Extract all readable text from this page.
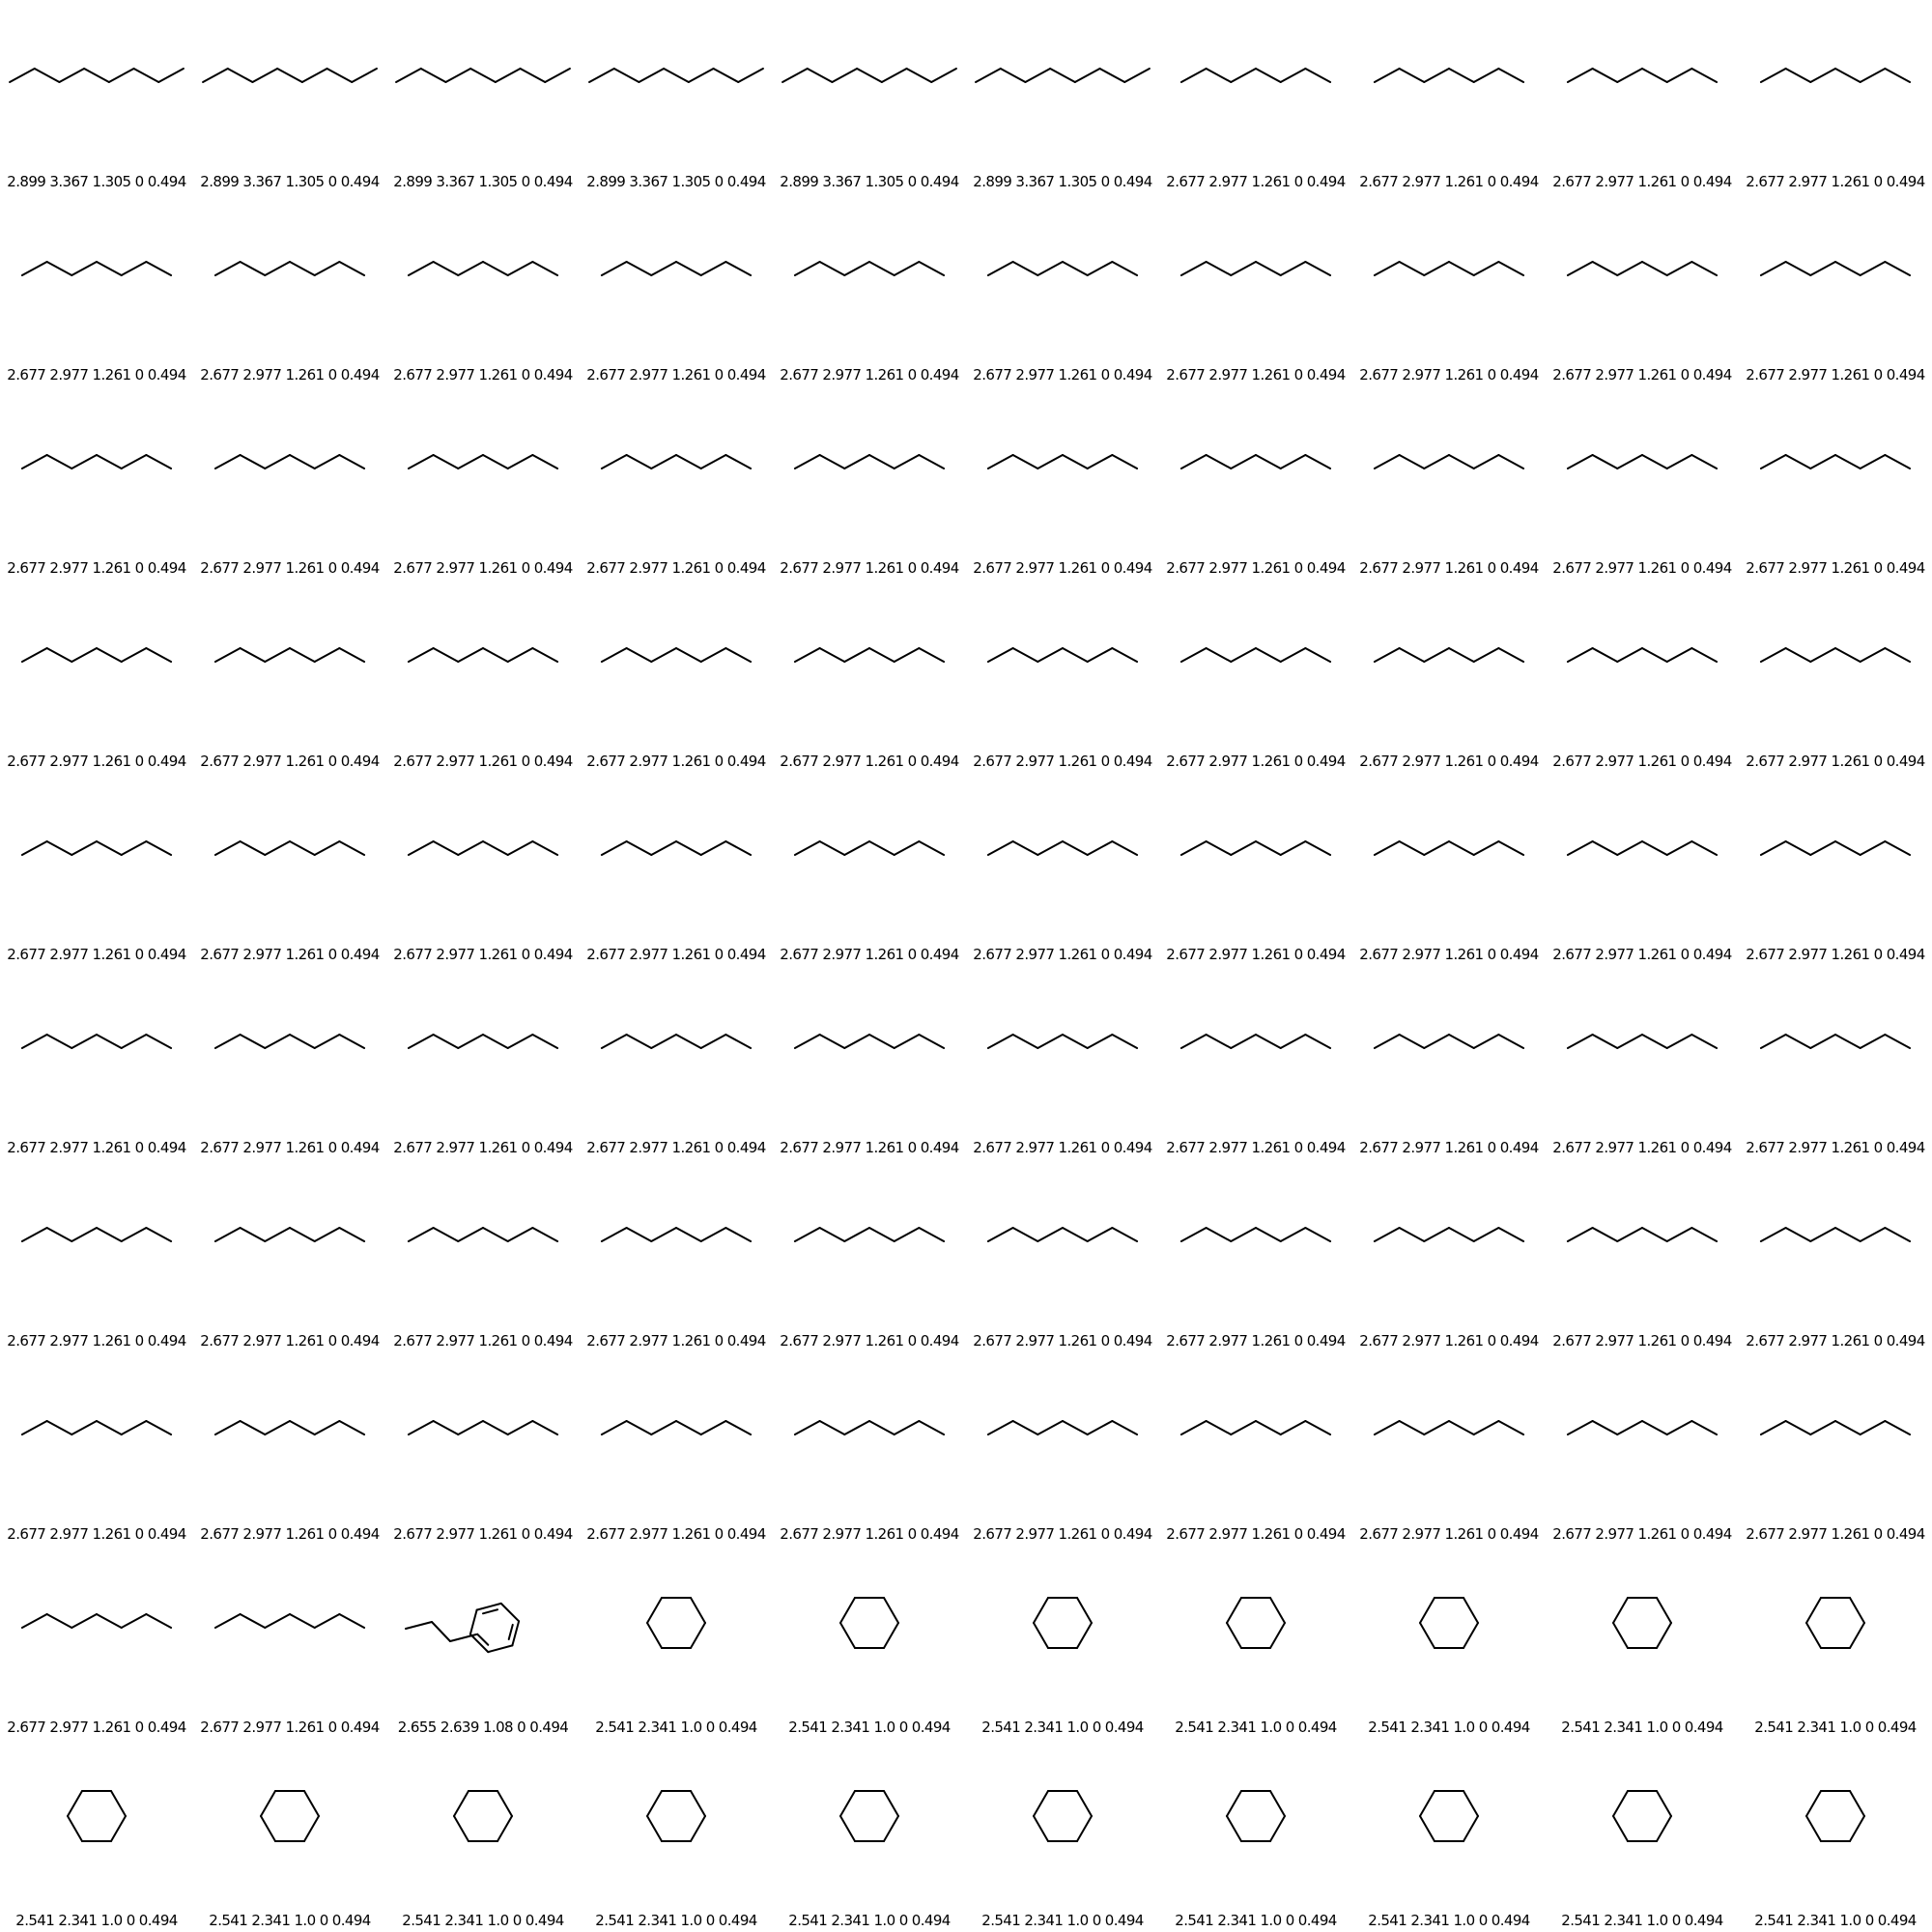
2.899 3.367 1.305 0 0.494 2.899 3.367 1.305 0 0.494 2.899 3.367 1.305 0 0.494 2.899 3.367 1.305 0 0.494 2.899 3.367 1.305 0 0.494 2.899 3.367 1.305 0 0.494 2.677 2.977 1.261 0 0.494 2.677 2.977 1.261 0 0.494 2.677 2.977 1.261 0 0.494 2.677 2.977 1.261 0 0.494
2.677 2.977 1.261 0 0.494 2.677 2.977 1.261 0 0.494 2.677 2.977 1.261 0 0.494 2.677 2.977 1.261 0 0.494 2.677 2.977 1.261 0 0.494 2.677 2.977 1.261 0 0.494 2.677 2.977 1.261 0 0.494 2.677 2.977 1.261 0 0.494 2.677 2.977 1.261 0 0.494 2.677 2.977 1.261 0 0.494
2.677 2.977 1.261 0 0.494 2.677 2.977 1.261 0 0.494 2.677 2.977 1.261 0 0.494 2.677 2.977 1.261 0 0.494 2.677 2.977 1.261 0 0.494 2.677 2.977 1.261 0 0.494 2.677 2.977 1.261 0 0.494 2.677 2.977 1.261 0 0.494 2.677 2.977 1.261 0 0.494 2.677 2.977 1.261 0 0.494
2.677 2.977 1.261 0 0.494 2.677 2.977 1.261 0 0.494 2.677 2.977 1.261 0 0.494 2.677 2.977 1.261 0 0.494 2.677 2.977 1.261 0 0.494 2.677 2.977 1.261 0 0.494 2.677 2.977 1.261 0 0.494 2.677 2.977 1.261 0 0.494 2.677 2.977 1.261 0 0.494 2.677 2.977 1.261 0 0.494
2.677 2.977 1.261 0 0.494 2.677 2.977 1.261 0 0.494 2.677 2.977 1.261 0 0.494 2.677 2.977 1.261 0 0.494 2.677 2.977 1.261 0 0.494 2.677 2.977 1.261 0 0.494 2.677 2.977 1.261 0 0.494 2.677 2.977 1.261 0 0.494 2.677 2.977 1.261 0 0.494 2.677 2.977 1.261 0 0.494
2.677 2.977 1.261 0 0.494 2.677 2.977 1.261 0 0.494 2.677 2.977 1.261 0 0.494 2.677 2.977 1.261 0 0.494 2.677 2.977 1.261 0 0.494 2.677 2.977 1.261 0 0.494 2.677 2.977 1.261 0 0.494 2.677 2.977 1.261 0 0.494 2.677 2.977 1.261 0 0.494 2.677 2.977 1.261 0 0.494
2.677 2.977 1.261 0 0.494 2.677 2.977 1.261 0 0.494 2.677 2.977 1.261 0 0.494 2.677 2.977 1.261 0 0.494 2.677 2.977 1.261 0 0.494 2.677 2.977 1.261 0 0.494 2.677 2.977 1.261 0 0.494 2.677 2.977 1.261 0 0.494 2.677 2.977 1.261 0 0.494 2.677 2.977 1.261 0 0.494
2.677 2.977 1.261 0 0.494 2.677 2.977 1.261 0 0.494 2.677 2.977 1.261 0 0.494 2.677 2.977 1.261 0 0.494 2.677 2.977 1.261 0 0.494 2.677 2.977 1.261 0 0.494 2.677 2.977 1.261 0 0.494 2.677 2.977 1.261 0 0.494 2.677 2.977 1.261 0 0.494 2.677 2.977 1.261 0 0.494
2.677 2.977 1.261 0 0.494 2.677 2.977 1.261 0 0.494	2.655 2.639 1.08 0 0.494	2.541 2.341 1.0 0 0.494	2.541 2.341 1.0 0 0.494	2.541 2.341 1.0 0 0.494	2.541 2.341 1.0 0 0.494	2.541 2.341 1.0 0 0.494	2.541 2.341 1.0 0 0.494	2.541 2.341 1.0 0 0.494
2.541 2.341 1.0 0 0.494	2.541 2.341 1.0 0 0.494	2.541 2.341 1.0 0 0.494	2.541 2.341 1.0 0 0.494	2.541 2.341 1.0 0 0.494	2.541 2.341 1.0 0 0.494	2.541 2.341 1.0 0 0.494	2.541 2.341 1.0 0 0.494	2.541 2.341 1.0 0 0.494	2.541 2.341 1.0 0 0.494
